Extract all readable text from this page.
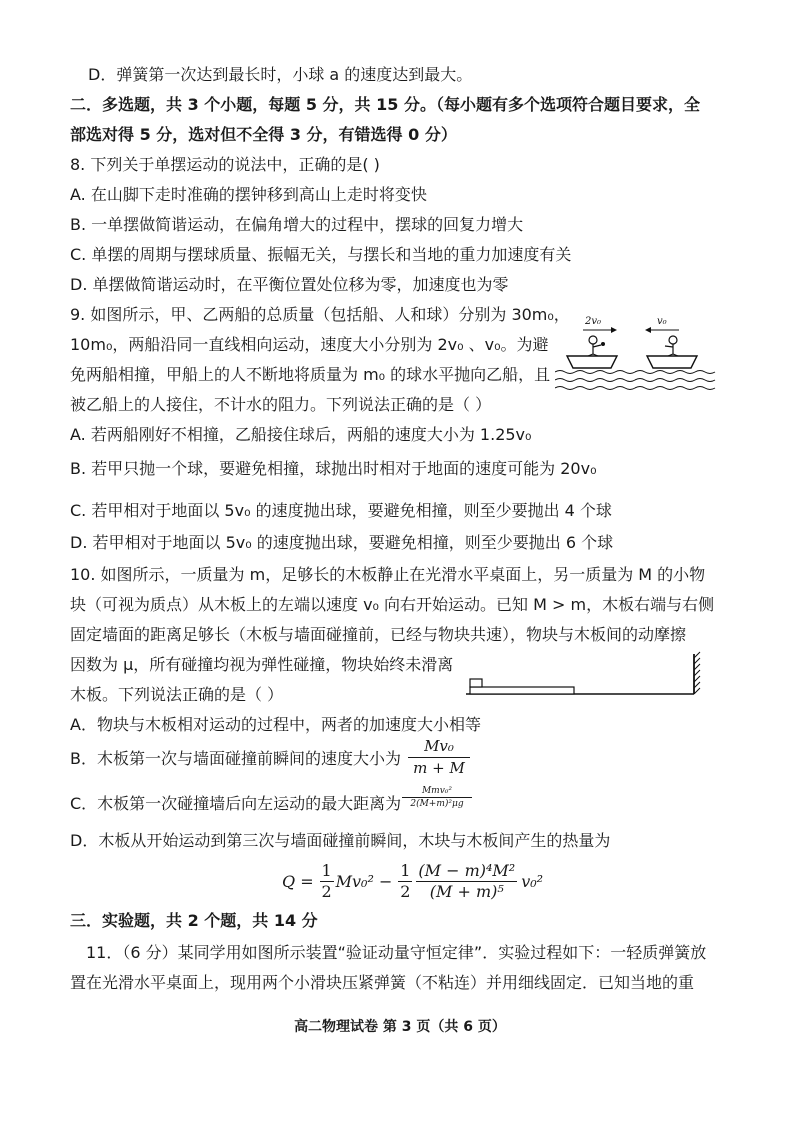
D．弹簧第一次达到最长时，小球 a 的速度达到最大。
二．多选题，共 3 个小题，每题 5 分，共 15 分。（每小题有多个选项符合题目要求，全
部选对得 5 分，选对但不全得 3 分，有错选得 0 分）
8. 下列关于单摆运动的说法中，正确的是( )
A. 在山脚下走时准确的摆钟移到高山上走时将变快
B. 一单摆做简谐运动，在偏角增大的过程中，摆球的回复力增大
C. 单摆的周期与摆球质量、振幅无关，与摆长和当地的重力加速度有关
D. 单摆做简谐运动时，在平衡位置处位移为零，加速度也为零
9. 如图所示，甲、乙两船的总质量（包括船、人和球）分别为 30m₀，
10m₀，两船沿同一直线相向运动，速度大小分别为 2v₀ 、v₀。为避
免两船相撞，甲船上的人不断地将质量为 m₀ 的球水平抛向乙船，且
被乙船上的人接住，不计水的阻力。下列说法正确的是（ ）
2v₀	v₀
A. 若两船刚好不相撞，乙船接住球后，两船的速度大小为 1.25v₀
B. 若甲只抛一个球，要避免相撞，球抛出时相对于地面的速度可能为 20v₀
C. 若甲相对于地面以 5v₀ 的速度抛出球，要避免相撞，则至少要抛出 4 个球
D. 若甲相对于地面以 5v₀ 的速度抛出球，要避免相撞，则至少要抛出 6 个球
10. 如图所示，一质量为 m，足够长的木板静止在光滑水平桌面上，另一质量为 M 的小物
块（可视为质点）从木板上的左端以速度 v₀ 向右开始运动。已知 M > m，木板右端与右侧
固定墙面的距离足够长（木板与墙面碰撞前，已经与物块共速），物块与木板间的动摩擦
因数为 μ，所有碰撞均视为弹性碰撞，物块始终未滑离
木板。下列说法正确的是（ ）
A．物块与木板相对运动的过程中，两者的加速度大小相等
B．木板第一次与墙面碰撞前瞬间的速度大小为 $\frac{\text{Mv₀}}{m + M}$
C．木板第一次碰撞墙后向左运动的最大距离为
Mmv₀²
2(M+m)²μg
D．木板从开始运动到第三次与墙面碰撞前瞬间，木块与木板间产生的热量为
$Q = \frac{1}{2} Mv_0^2 - \frac{1}{2} \frac{\text{(M − m)⁴M²}}{\text{(M + m)⁵}} v_0^2$
三．实验题，共 2 个题，共 14 分
11．（6 分）某同学用如图所示装置“验证动量守恒定律”．实验过程如下：一轻质弹簧放
置在光滑水平桌面上，现用两个小滑块压紧弹簧（不粘连）并用细线固定．已知当地的重
高二物理试卷 第 3 页（共 6 页）
